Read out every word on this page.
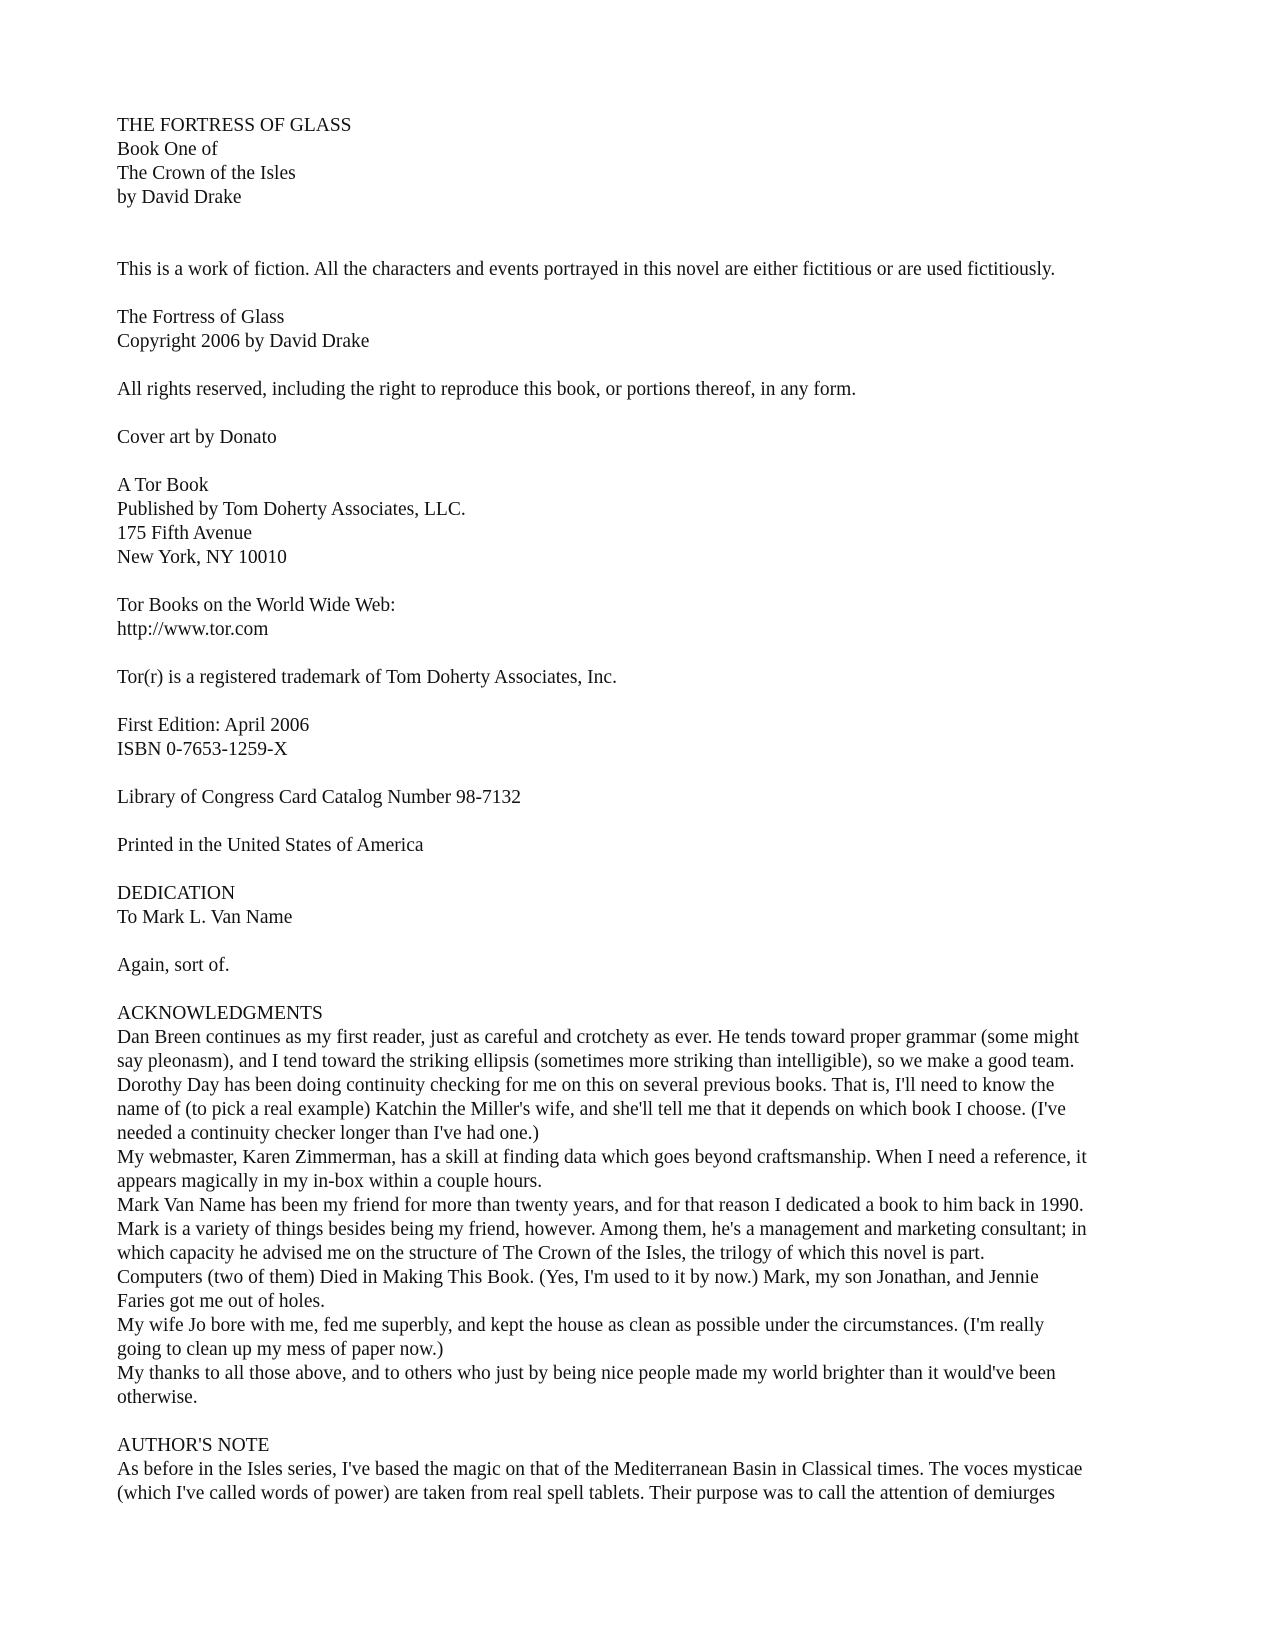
THE FORTRESS OF GLASS
Book One of
The Crown of the Isles
by David Drake
This is a work of fiction. All the characters and events portrayed in this novel are either fictitious or are used fictitiously.
The Fortress of Glass
Copyright 2006 by David Drake
All rights reserved, including the right to reproduce this book, or portions thereof, in any form.
Cover art by Donato
A Tor Book
Published by Tom Doherty Associates, LLC.
175 Fifth Avenue
New York, NY 10010
Tor Books on the World Wide Web:
http://www.tor.com
Tor(r) is a registered trademark of Tom Doherty Associates, Inc.
First Edition: April 2006
ISBN 0-7653-1259-X
Library of Congress Card Catalog Number 98-7132
Printed in the United States of America
DEDICATION
To Mark L. Van Name
Again, sort of.
ACKNOWLEDGMENTS
Dan Breen continues as my first reader, just as careful and crotchety as ever. He tends toward proper grammar (some might
say pleonasm), and I tend toward the striking ellipsis (sometimes more striking than intelligible), so we make a good team.
Dorothy Day has been doing continuity checking for me on this on several previous books. That is, I'll need to know the
name of (to pick a real example) Katchin the Miller's wife, and she'll tell me that it depends on which book I choose. (I've
needed a continuity checker longer than I've had one.)
My webmaster, Karen Zimmerman, has a skill at finding data which goes beyond craftsmanship. When I need a reference, it
appears magically in my in-box within a couple hours.
Mark Van Name has been my friend for more than twenty years, and for that reason I dedicated a book to him back in 1990.
Mark is a variety of things besides being my friend, however. Among them, he's a management and marketing consultant; in
which capacity he advised me on the structure of The Crown of the Isles, the trilogy of which this novel is part.
Computers (two of them) Died in Making This Book. (Yes, I'm used to it by now.) Mark, my son Jonathan, and Jennie
Faries got me out of holes.
My wife Jo bore with me, fed me superbly, and kept the house as clean as possible under the circumstances. (I'm really
going to clean up my mess of paper now.)
My thanks to all those above, and to others who just by being nice people made my world brighter than it would've been
otherwise.
AUTHOR'S NOTE
As before in the Isles series, I've based the magic on that of the Mediterranean Basin in Classical times. The voces mysticae
(which I've called words of power) are taken from real spell tablets. Their purpose was to call the attention of demiurges
